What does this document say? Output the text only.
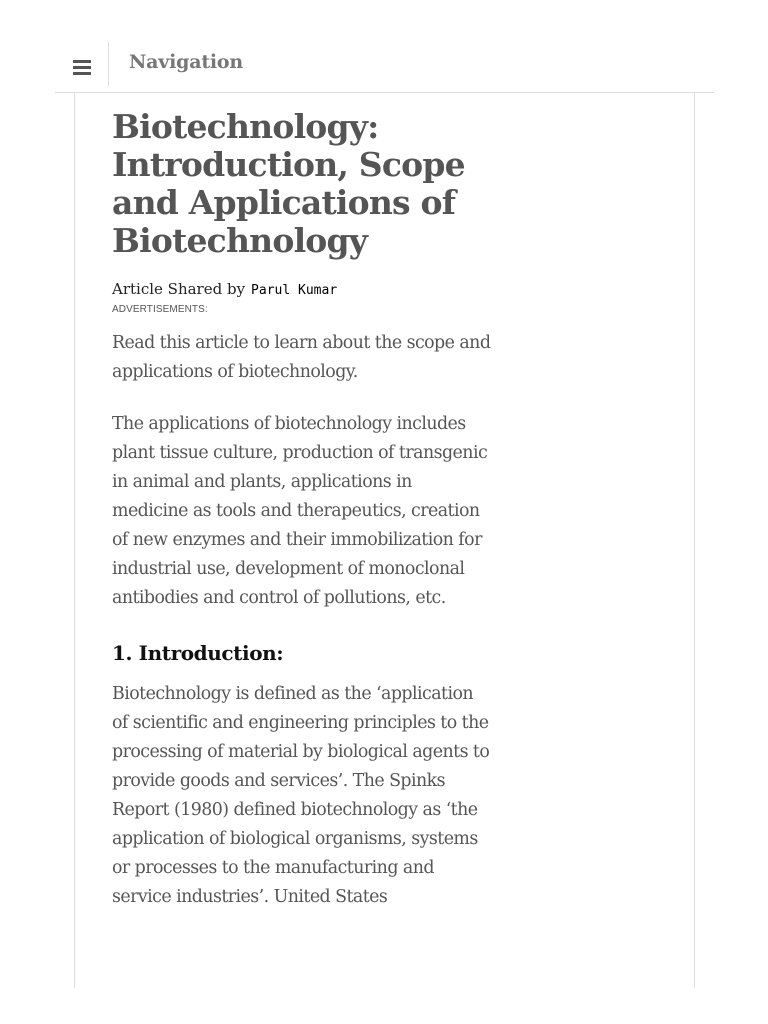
Navigation
Biotechnology: Introduction, Scope and Applications of Biotechnology
Article Shared by Parul Kumar
ADVERTISEMENTS:

Read this article to learn about the scope and applications of biotechnology.

The applications of biotechnology includes plant tissue culture, production of transgenic in animal and plants, applications in medicine as tools and therapeutics, creation of new enzymes and their immobilization for industrial use, development of monoclonal antibodies and control of pollutions, etc.

1. Introduction:

Biotechnology is defined as the ‘application of scientific and engineering principles to the processing of material by biological agents to provide goods and services’. The Spinks Report (1980) defined biotechnology as ‘the application of biological organisms, systems or processes to the manufacturing and service industries’. United States
